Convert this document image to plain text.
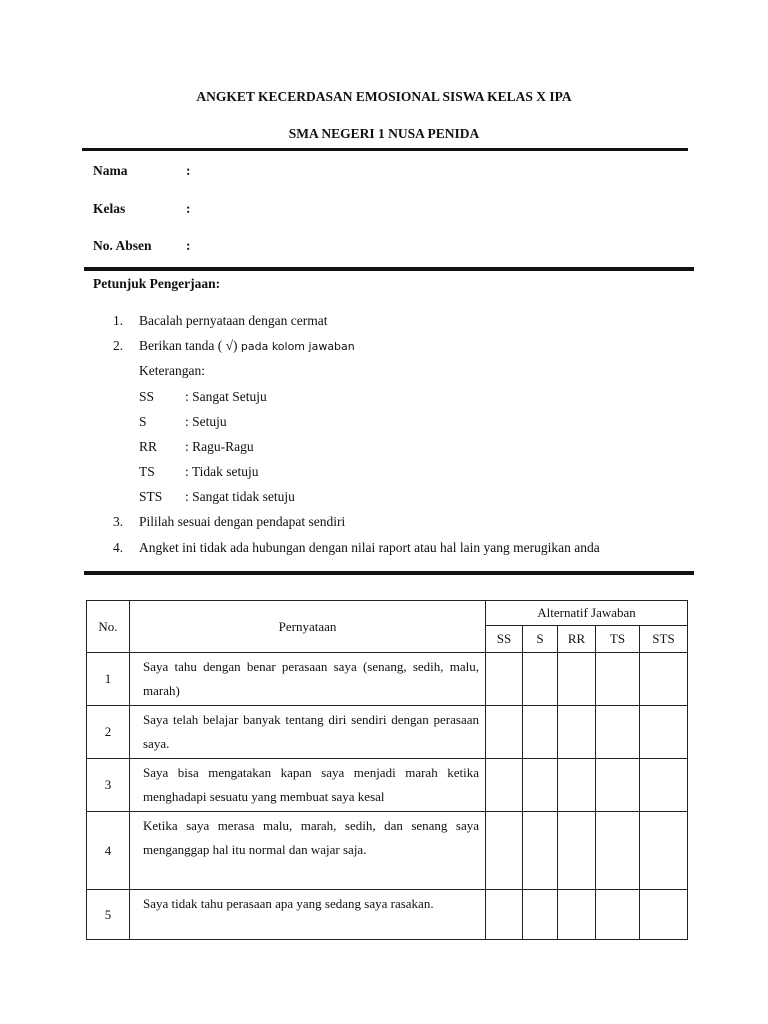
ANGKET KECERDASAN EMOSIONAL SISWA KELAS X IPA
SMA NEGERI 1 NUSA PENIDA
Nama	:
Kelas	:
No. Absen	:
Petunjuk Pengerjaan:
1. Bacalah pernyataan dengan cermat
2. Berikan tanda ( √) pada kolom jawaban
Keterangan:
SS : Sangat Setuju
S	: Setuju
RR : Ragu-Ragu
TS : Tidak setuju
STS : Sangat tidak setuju
3. Pililah sesuai dengan pendapat sendiri
4. Angket ini tidak ada hubungan dengan nilai raport atau hal lain yang merugikan anda
No.	Pernyataan	Alternatif Jawaban				
		SS	S	RR	TS	STS
1	Saya tahu dengan benar perasaan saya (senang, sedih, malu, marah)					
2	Saya telah belajar banyak tentang diri sendiri dengan perasaan saya.					
3	Saya bisa mengatakan kapan saya menjadi marah ketika menghadapi sesuatu yang membuat saya kesal					
4	Ketika saya merasa malu, marah, sedih, dan senang saya menganggap hal itu normal dan wajar saja.					
5	Saya tidak tahu perasaan apa yang sedang saya rasakan.					
